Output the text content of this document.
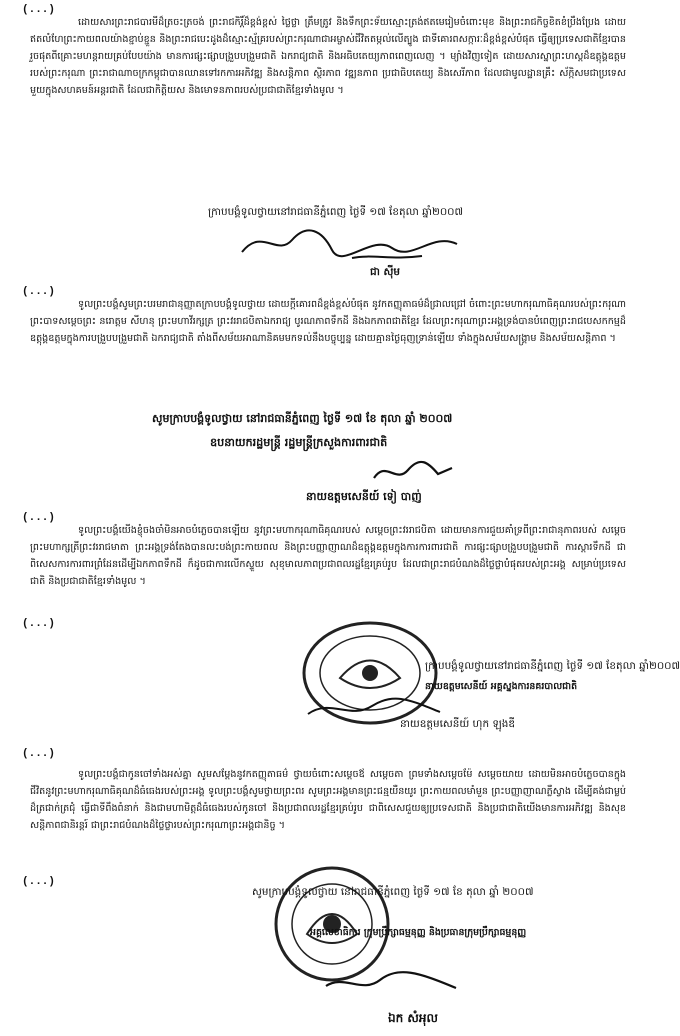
(...)
ដោយសារព្រះរាជបារមីដ៏ត្រចះត្រចង់ ព្រះរាជកិរ្តិ៍ដ៏ខ្ពង់ខ្ពស់ ថ្លៃថ្លា ត្រឹមត្រូវ និងទឹកព្រះទ័យស្មោះត្រង់ឥតមេរៀមចំពោះមុខ និងព្រះរាជកិច្ចខិតខំប្រឹងប្រែង ដោយឥតលំហែព្រះកាយពលយ៉ាងខ្ជាប់ខ្ជួន និងព្រះរាជបេះដូងដ៏ស្មោះស្ម័គ្ររបស់ព្រះករុណាជាអម្ចាស់ជីវិតតម្កល់លើត្បូង ជាទីគោរពសក្ការៈដ៏ខ្ពង់ខ្ពស់បំផុត ធ្វើឲ្យប្រទេសជាតិខ្មែរបានរួចផុតពីគ្រោះមហន្តរាយគ្រប់បែបយ៉ាង មានការផ្សះផ្សាបង្រួបបង្រួមជាតិ ឯករាជ្យជាតិ និងអធិបតេយ្យភាពពេញលេញ ។ ម្យ៉ាងវិញទៀត ដោយសារស្នាព្រះហស្តដ៏ឧត្តុង្គឧត្តមរបស់ព្រះករុណា ព្រះរាជាណាចក្រកម្ពុជាបានឈានទៅរកការអភិវឌ្ឍ និងសន្តិភាព ស្ថិរភាព វឌ្ឍនភាព ប្រជាធិបតេយ្យ និងសេរីភាព ដែលជាមូលដ្ឋានគ្រឹះ ស័ក្កិសមជាប្រទេសមួយក្នុងសហគមន៍អន្តរជាតិ ដែលជាកិត្តិយស និងមោទនភាពរបស់ប្រជាជាតិខ្មែរទាំងមូល ។
ក្រាបបង្គំទូលថ្វាយនៅរាជធានីភ្នំពេញ ថ្ងៃទី ១៧ ខែតុលា ឆ្នាំ២០០៧
ជា ស៊ីម
(...)
ទូលព្រះបង្គំសូមព្រះបរមរាជានុញ្ញាតក្រាបបង្គំទូលថ្វាយ ដោយក្តីគោរពដ៏ខ្ពង់ខ្ពស់បំផុត នូវកតញ្ញុតាធម៌ដ៏ជ្រាលជ្រៅ ចំពោះព្រះមហាករុណាធិគុណរបស់ព្រះករុណាព្រះបាទសម្តេចព្រះ នរោត្តម សីហនុ ព្រះមហាវីរក្សត្រ ព្រះវររាជបិតាឯករាជ្យ បូរណភាពទឹកដី និងឯកភាពជាតិខ្មែរ ដែលព្រះករុណាព្រះអង្គទ្រង់បានបំពេញព្រះរាជបេសកកម្មដ៏ឧត្តុង្គឧត្តមក្នុងការបង្រួបបង្រួមជាតិ ឯករាជ្យជាតិ តាំងពីសម័យអាណានិគមមកទល់នឹងបច្ចុប្បន្ន ដោយគ្មានថ្ងៃធុញទ្រាន់ឡើយ ទាំងក្នុងសម័យសង្គ្រាម និងសម័យសន្តិភាព ។
សូមក្រាបបង្គំទូលថ្វាយ នៅរាជធានីភ្នំពេញ ថ្ងៃទី ១៧ ខែ តុលា ឆ្នាំ ២០០៧
ឧបនាយករដ្ឋមន្ត្រី រដ្ឋមន្ត្រីក្រសួងការពារជាតិ
នាយឧត្តមសេនីយ៍ ទៀ បាញ់
(...)
ទូលព្រះបង្គំយើងខ្ញុំចងចាំមិនអាចបំភ្លេចបានឡើយ នូវព្រះមហាករុណាធិគុណរបស់ សម្តេចព្រះវររាជបិតា ដោយមានការជួយគាំទ្រពីព្រះរាជានុភាពរបស់ សម្តេចព្រះមហាក្សត្រីព្រះវររាជមាតា ព្រះអង្គទ្រង់តែងបានលះបង់ព្រះកាយពល និងព្រះបញ្ញាញាណដ៏ឧត្តុង្គឧត្តមក្នុងការការពារជាតិ ការផ្សះផ្សាបង្រួបបង្រួមជាតិ ការស្តារទឹកដី ជាពិសេសការការពារព្រំដែនដើម្បីឯកភាពទឹកដី ក៏ដូចជាការលើកស្ទួយ សុខុមាលភាពប្រជាពលរដ្ឋខ្មែរគ្រប់រូប ដែលជាព្រះរាជបំណងដ៏ថ្លៃថ្លាបំផុតរបស់ព្រះអង្គ សម្រាប់ប្រទេសជាតិ និងប្រជាជាតិខ្មែរទាំងមូល ។
(...)
ក្រាបបង្គំទូលថ្វាយនៅរាជធានីភ្នំពេញ ថ្ងៃទី ១៧ ខែតុលា ឆ្នាំ២០០៧
នាយឧត្តមសេនីយ៍ អគ្គស្នងការនគរបាលជាតិ
នាយឧត្តមសេនីយ៍ ហុក ឡុងឌី
(...)
ទូលព្រះបង្គំជាកូនចៅទាំងអស់គ្នា សូមសម្តែងនូវកតញ្ញុតាធម៌ ថ្វាយចំពោះសម្តេចឪ សម្តេចតា ព្រមទាំងសម្តេចម៉ែ សម្តេចយាយ ដោយមិនអាចបំភ្លេចបានក្នុងជីវិតនូវព្រះមហាករុណាធិគុណដ៏ធំធេងរបស់ព្រះអង្គ ទូលព្រះបង្គំសូមថ្វាយព្រះពរ សូមព្រះអង្គមានព្រះជន្មយឺនយូរ ព្រះកាយពលមាំមួន ព្រះបញ្ញាញាណភ្លឺស្វាង ដើម្បីគង់ជាម្លប់ដ៏ត្រជាក់ត្រជុំ ធ្វើជាទីពឹងពំនាក់ និងជាមហាមិត្តដ៏ធំធេងរបស់កូនចៅ និងប្រជាពលរដ្ឋខ្មែរគ្រប់រូប ជាពិសេសជួយឲ្យប្រទេសជាតិ និងប្រជាជាតិយើងមានការអភិវឌ្ឍ និងសុខសន្តិភាពជានិរន្តរ៍ ជាព្រះរាជបំណងដ៏ថ្លៃថ្លារបស់ព្រះករុណាព្រះអង្គជានិច្ច ។
(...)
សូមក្រាបបង្គំទូលថ្វាយ នៅរាជធានីភ្នំពេញ ថ្ងៃទី ១៧ ខែ តុលា ឆ្នាំ ២០០៧
អគ្គលេខាធិការ ក្រុមប្រឹក្សាធម្មនុញ្ញ និងប្រធានក្រុមប្រឹក្សាធម្មនុញ្ញ
ឯក សំអុល
